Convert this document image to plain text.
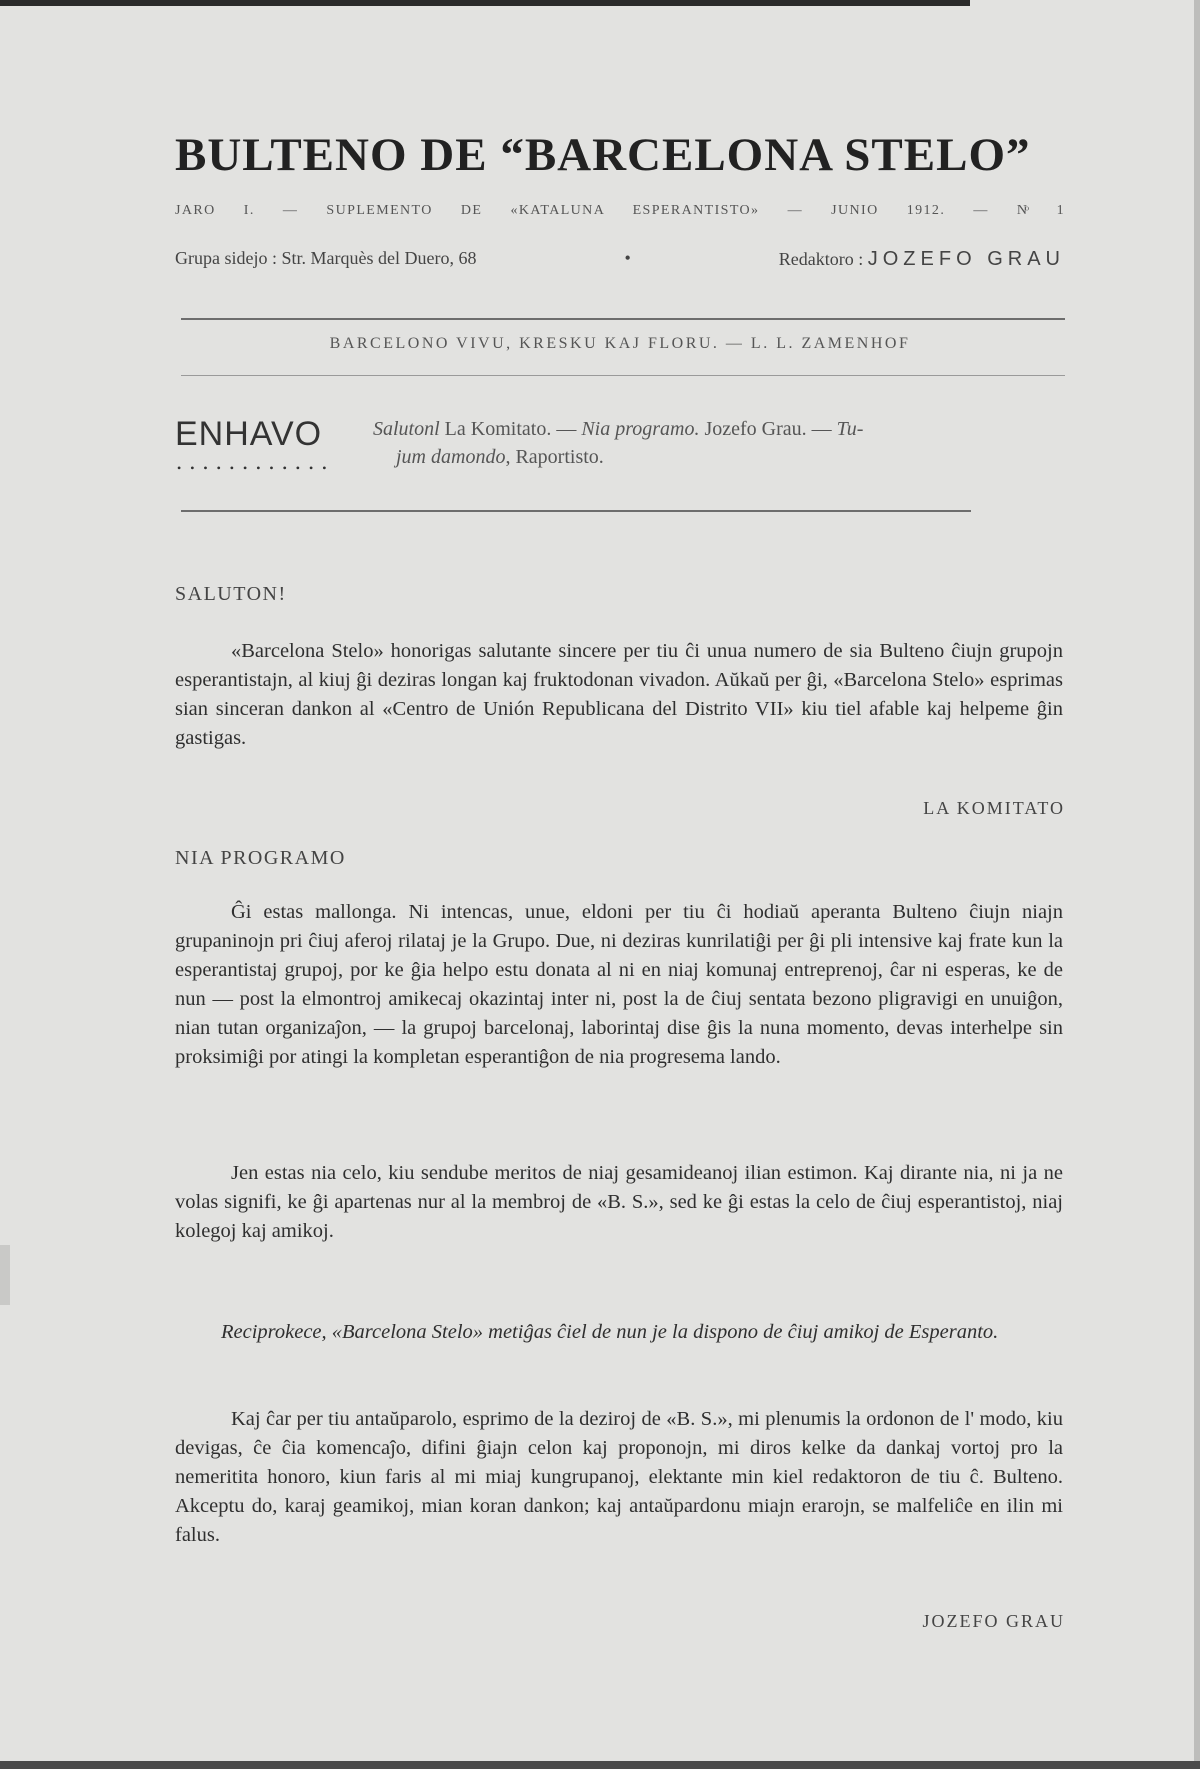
BULTENO DE “BARCELONA STELO”
JARO I. — SUPLEMENTO DE «KATALUNA ESPERANTISTO» — JUNIO 1912. — Nͦ 1
Grupa sidejo : Str. Marquès del Duero, 68	•	Redaktoro : JOZEFO GRAU
BARCELONO VIVU, KRESKU KAJ FLORU. — L. L. ZAMENHOF
ENHAVO
• • • • • • • • • • • •
Salutonl La Komitato. — Nia programo. Jozefo Grau. — Tu-
jum damondo, Raportisto.
SALUTON!

«Barcelona Stelo» honorigas salutante sincere per tiu ĉi unua numero de sia Bulteno ĉiujn grupojn esperantistajn, al kiuj ĝi deziras longan kaj fruktodonan vivadon. Aŭkaŭ per ĝi, «Barcelona Stelo» esprimas sian sinceran dankon al «Centro de Unión Republicana del Distrito VII» kiu tiel afable kaj helpeme ĝin gastigas.

LA KOMITATO
NIA PROGRAMO

Ĝi estas mallonga. Ni intencas, unue, eldoni per tiu ĉi hodiaŭ aperanta Bulteno ĉiujn niajn grupaninojn pri ĉiuj aferoj rilataj je la Grupo. Due, ni deziras kunrilatiĝi per ĝi pli intensive kaj frate kun la esperantistaj grupoj, por ke ĝia helpo estu donata al ni en niaj komunaj entreprenoj, ĉar ni esperas, ke de nun — post la elmontroj amikecaj okazintaj inter ni, post la de ĉiuj sentata bezono pligravigi en unuiĝon, nian tutan organizaĵon, — la grupoj barcelonaj, laborintaj dise ĝis la nuna momento, devas interhelpe sin proksimiĝi por atingi la kompletan esperantiĝon de nia progresema lando.

Jen estas nia celo, kiu sendube meritos de niaj gesamideanoj ilian estimon. Kaj dirante nia, ni ja ne volas signifi, ke ĝi apartenas nur al la membroj de «B. S.», sed ke ĝi estas la celo de ĉiuj esperantistoj, niaj kolegoj kaj amikoj.

Reciprokece, «Barcelona Stelo» metiĝas ĉiel de nun je la dispono de ĉiuj amikoj de Esperanto.

Kaj ĉar per tiu antaŭparolo, esprimo de la deziroj de «B. S.», mi plenumis la ordonon de l' modo, kiu devigas, ĉe ĉia komencaĵo, difini ĝiajn celon kaj proponojn, mi diros kelke da dankaj vortoj pro la nemeritita honoro, kiun faris al mi miaj kungrupanoj, elektante min kiel redaktoron de tiu ĉ. Bulteno. Akceptu do, karaj geamikoj, mian koran dankon; kaj antaŭpardonu miajn erarojn, se malfeliĉe en ilin mi falus.

JOZEFO GRAU
